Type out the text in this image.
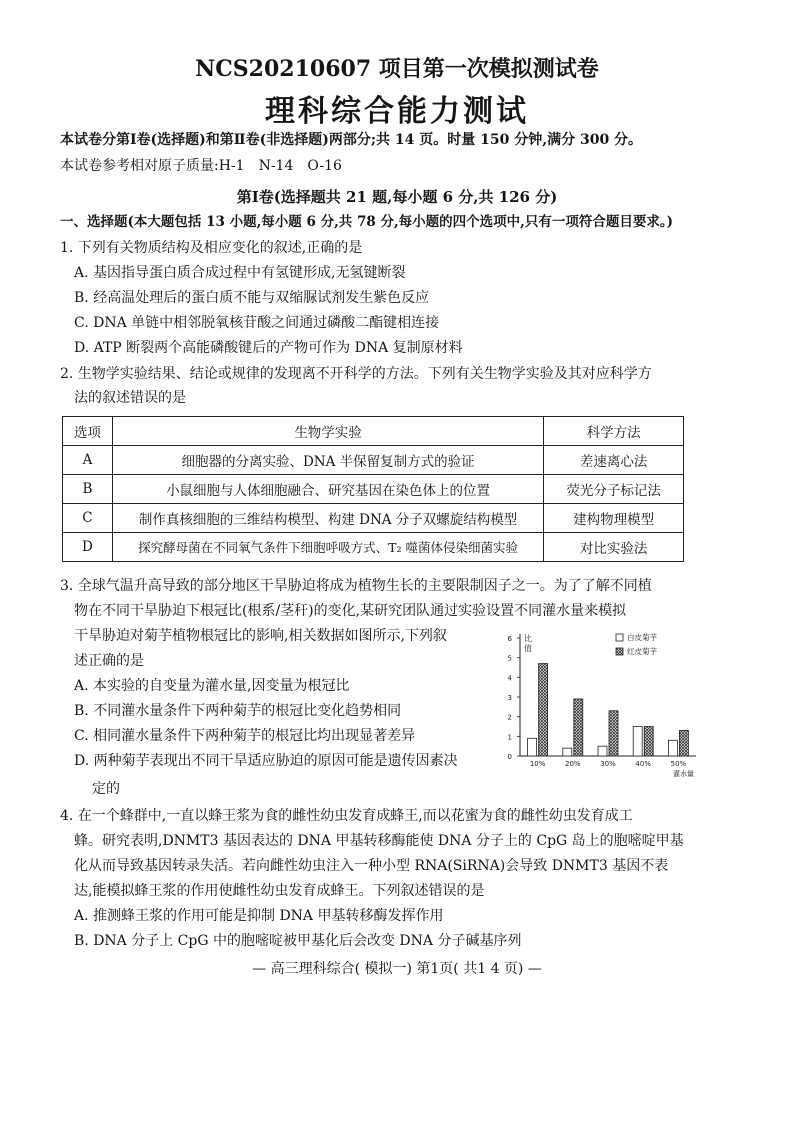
NCS20210607 项目第一次模拟测试卷
理科综合能力测试
本试卷分第Ⅰ卷(选择题)和第Ⅱ卷(非选择题)两部分;共 14 页。时量 150 分钟,满分 300 分。
本试卷参考相对原子质量:H-1　N-14　O-16
第Ⅰ卷(选择题共 21 题,每小题 6 分,共 126 分)
一、选择题(本大题包括 13 小题,每小题 6 分,共 78 分,每小题的四个选项中,只有一项符合题目要求。)
1. 下列有关物质结构及相应变化的叙述,正确的是
A. 基因指导蛋白质合成过程中有氢键形成,无氢键断裂
B. 经高温处理后的蛋白质不能与双缩脲试剂发生紫色反应
C. DNA 单链中相邻脱氧核苷酸之间通过磷酸二酯键相连接
D. ATP 断裂两个高能磷酸键后的产物可作为 DNA 复制原材料
2. 生物学实验结果、结论或规律的发现离不开科学的方法。下列有关生物学实验及其对应科学方
法的叙述错误的是
选项	生物学实验	科学方法
A	细胞器的分离实验、DNA 半保留复制方式的验证	差速离心法
B	小鼠细胞与人体细胞融合、研究基因在染色体上的位置	荧光分子标记法
C	制作真核细胞的三维结构模型、构建 DNA 分子双螺旋结构模型	建构物理模型
D	探究酵母菌在不同氧气条件下细胞呼吸方式、T₂ 噬菌体侵染细菌实验	对比实验法
3. 全球气温升高导致的部分地区干旱胁迫将成为植物生长的主要限制因子之一。为了了解不同植
物在不同干旱胁迫下根冠比(根系/茎秆)的变化,某研究团队通过实验设置不同灌水量来模拟
干旱胁迫对菊芋植物根冠比的影响,相关数据如图所示,下列叙
述正确的是
A. 本实验的自变量为灌水量,因变量为根冠比
B. 不同灌水量条件下两种菊芋的根冠比变化趋势相同
C. 相同灌水量条件下两种菊芋的根冠比均出现显著差异
D. 两种菊芋表现出不同干旱适应胁迫的原因可能是遗传因素决
定的
0
1
2
3
4
5
6 比
值
10%	20%	30%	40%	50%
灌水量
白皮菊芋
红皮菊芋
4. 在一个蜂群中,一直以蜂王浆为食的雌性幼虫发育成蜂王,而以花蜜为食的雌性幼虫发育成工
蜂。研究表明,DNMT3 基因表达的 DNA 甲基转移酶能使 DNA 分子上的 CpG 岛上的胞嘧啶甲基
化从而导致基因转录失活。若向雌性幼虫注入一种小型 RNA(SiRNA)会导致 DNMT3 基因不表
达,能模拟蜂王浆的作用使雌性幼虫发育成蜂王。下列叙述错误的是
A. 推测蜂王浆的作用可能是抑制 DNA 甲基转移酶发挥作用
B. DNA 分子上 CpG 中的胞嘧啶被甲基化后会改变 DNA 分子碱基序列
— 高三理科综合( 模拟一) 第1页( 共1 4 页) —
